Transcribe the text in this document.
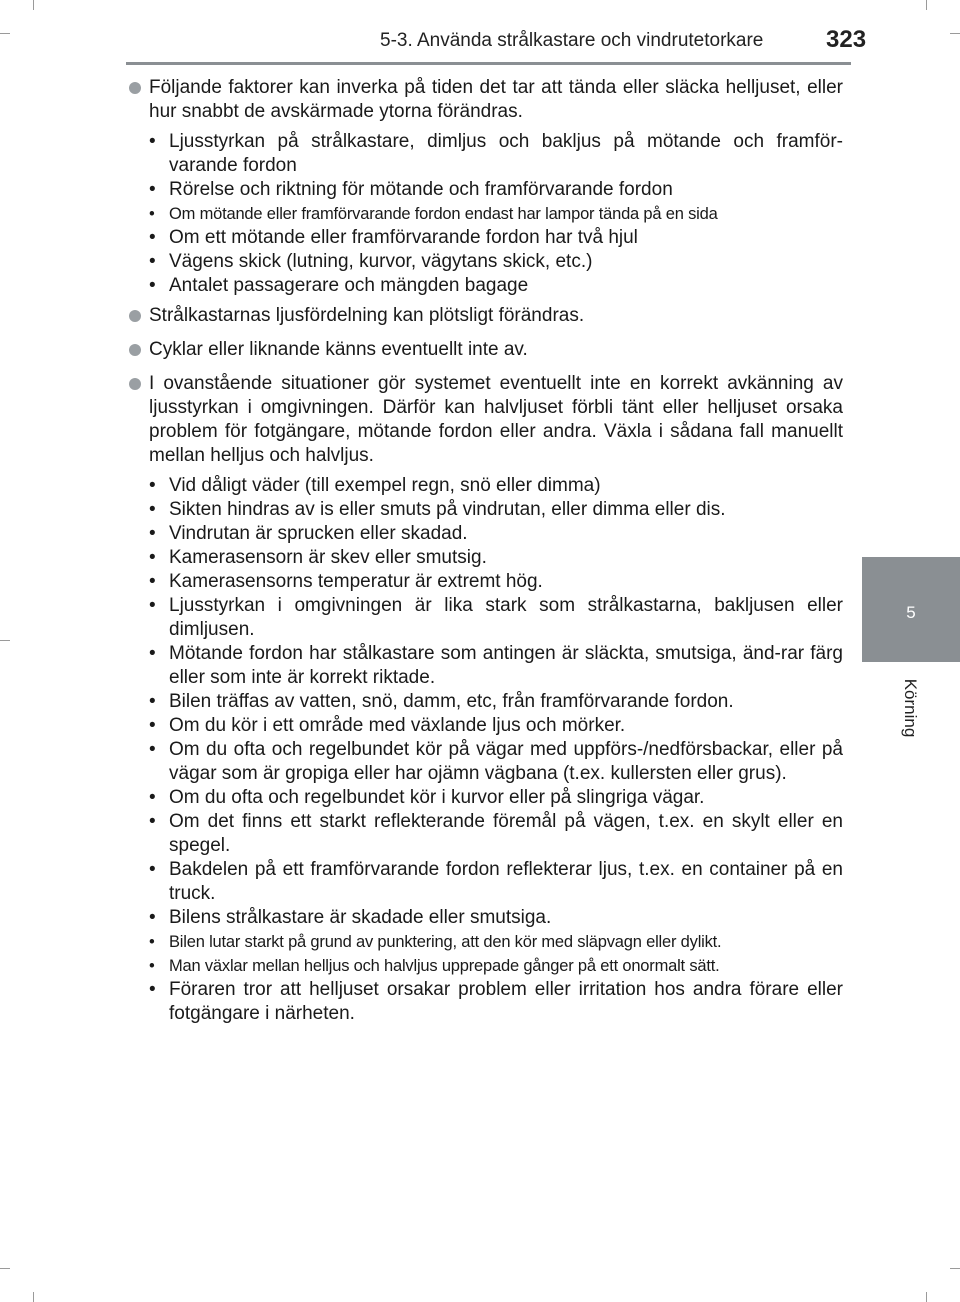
5-3. Använda strålkastare och vindrutetorkare	323
5
Körning
Följande faktorer kan inverka på tiden det tar att tända eller släcka helljuset, eller hur snabbt de avskärmade ytorna förändras.
• Ljusstyrkan på strålkastare, dimljus och bakljus på mötande och framför-varande fordon
• Rörelse och riktning för mötande och framförvarande fordon
• Om mötande eller framförvarande fordon endast har lampor tända på en sida
• Om ett mötande eller framförvarande fordon har två hjul
• Vägens skick (lutning, kurvor, vägytans skick, etc.)
• Antalet passagerare och mängden bagage
Strålkastarnas ljusfördelning kan plötsligt förändras.
Cyklar eller liknande känns eventuellt inte av.
I ovanstående situationer gör systemet eventuellt inte en korrekt avkänning av ljusstyrkan i omgivningen. Därför kan halvljuset förbli tänt eller helljuset orsaka problem för fotgängare, mötande fordon eller andra. Växla i sådana fall manuellt mellan helljus och halvljus.
• Vid dåligt väder (till exempel regn, snö eller dimma)
• Sikten hindras av is eller smuts på vindrutan, eller dimma eller dis.
• Vindrutan är sprucken eller skadad.
• Kamerasensorn är skev eller smutsig.
• Kamerasensorns temperatur är extremt hög.
• Ljusstyrkan i omgivningen är lika stark som strålkastarna, bakljusen eller dimljusen.
• Mötande fordon har stålkastare som antingen är släckta, smutsiga, änd-rar färg eller som inte är korrekt riktade.
• Bilen träffas av vatten, snö, damm, etc, från framförvarande fordon.
• Om du kör i ett område med växlande ljus och mörker.
• Om du ofta och regelbundet kör på vägar med uppförs-/nedförsbackar, eller på vägar som är gropiga eller har ojämn vägbana (t.ex. kullersten eller grus).
• Om du ofta och regelbundet kör i kurvor eller på slingriga vägar.
• Om det finns ett starkt reflekterande föremål på vägen, t.ex. en skylt eller en spegel.
• Bakdelen på ett framförvarande fordon reflekterar ljus, t.ex. en container på en truck.
• Bilens strålkastare är skadade eller smutsiga.
• Bilen lutar starkt på grund av punktering, att den kör med släpvagn eller dylikt.
• Man växlar mellan helljus och halvljus upprepade gånger på ett onormalt sätt.
• Föraren tror att helljuset orsakar problem eller irritation hos andra förare eller fotgängare i närheten.
